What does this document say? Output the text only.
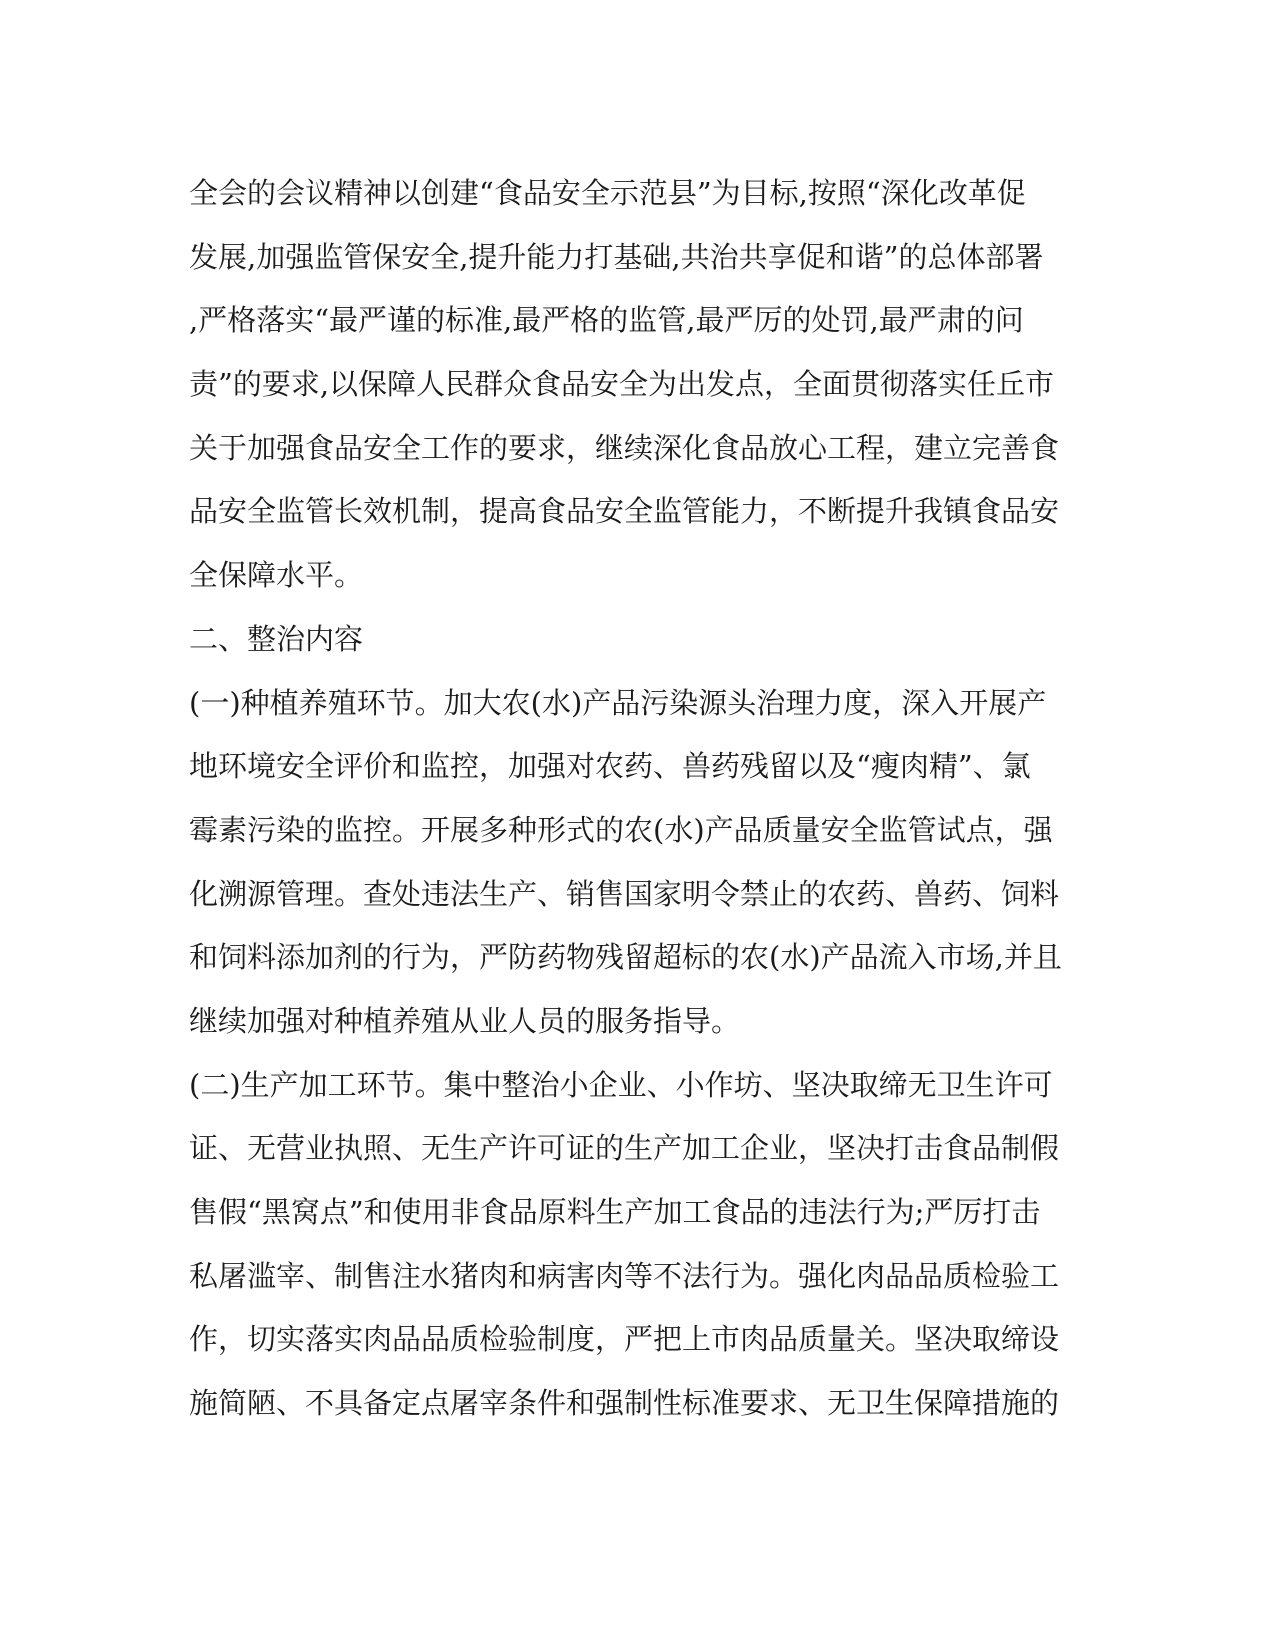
全会的会议精神以创建“食品安全示范县”为目标,按照“深化改革促
发展,加强监管保安全,提升能力打基础,共治共享促和谐”的总体部署
,严格落实“最严谨的标准,最严格的监管,最严厉的处罚,最严肃的问
责”的要求,以保障人民群众食品安全为出发点，全面贯彻落实任丘市
关于加强食品安全工作的要求，继续深化食品放心工程，建立完善食
品安全监管长效机制，提高食品安全监管能力，不断提升我镇食品安
全保障水平。
二、整治内容
(一)种植养殖环节。加大农(水)产品污染源头治理力度，深入开展产
地环境安全评价和监控，加强对农药、兽药残留以及“瘦肉精”、氯
霉素污染的监控。开展多种形式的农(水)产品质量安全监管试点，强
化溯源管理。查处违法生产、销售国家明令禁止的农药、兽药、饲料
和饲料添加剂的行为，严防药物残留超标的农(水)产品流入市场,并且
继续加强对种植养殖从业人员的服务指导。
(二)生产加工环节。集中整治小企业、小作坊、坚决取缔无卫生许可
证、无营业执照、无生产许可证的生产加工企业，坚决打击食品制假
售假“黑窝点”和使用非食品原料生产加工食品的违法行为;严厉打击
私屠滥宰、制售注水猪肉和病害肉等不法行为。强化肉品品质检验工
作，切实落实肉品品质检验制度，严把上市肉品质量关。坚决取缔设
施简陋、不具备定点屠宰条件和强制性标准要求、无卫生保障措施的
